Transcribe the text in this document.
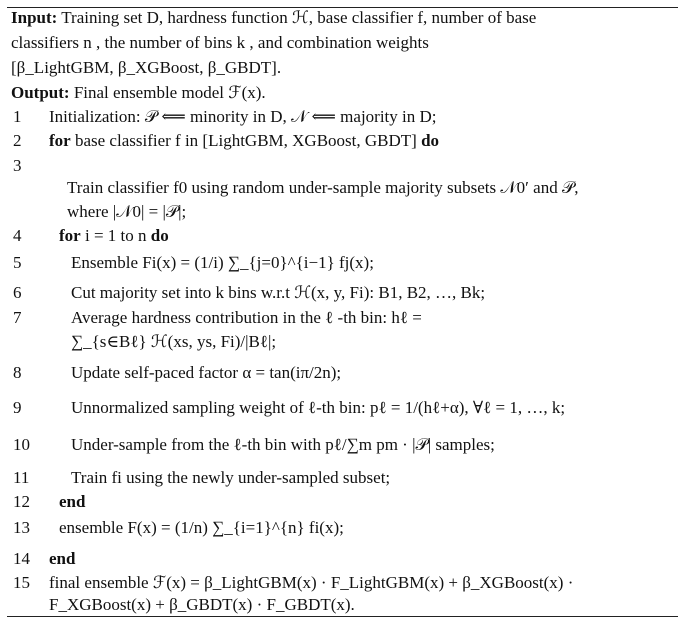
Input: Training set D, hardness function ℋ, base classifier f, number of base
classifiers n , the number of bins k , and combination weights
[β_LightGBM, β_XGBoost, β_GBDT].
Output: Final ensemble model ℱ(x).
1	Initialization: 𝒫 ⟸ minority in D, 𝒩 ⟸ majority in D;
2	for base classifier f in [LightGBM, XGBoost, GBDT] do
3
Train classifier f0 using random under-sample majority subsets 𝒩0′ and 𝒫,
where |𝒩0| = |𝒫|;
4	for i = 1 to n do
5	Ensemble Fi(x) = (1/i) ∑_{j=0}^{i−1} fj(x);
6	Cut majority set into k bins w.r.t ℋ(x, y, Fi): B1, B2, …, Bk;
7	Average hardness contribution in the ℓ -th bin: hℓ =
∑_{s∈Bℓ} ℋ(xs, ys, Fi)/|Bℓ|;
8	Update self-paced factor α = tan(iπ/2n);
9	Unnormalized sampling weight of ℓ-th bin: pℓ = 1/(hℓ+α), ∀ℓ = 1, …, k;
10	Under-sample from the ℓ-th bin with pℓ/∑m pm · |𝒫| samples;
11	Train fi using the newly under-sampled subset;
12	end
13	ensemble F(x) = (1/n) ∑_{i=1}^{n} fi(x);
14	end
15	final ensemble ℱ(x) = β_LightGBM(x) · F_LightGBM(x) + β_XGBoost(x) ·
F_XGBoost(x) + β_GBDT(x) · F_GBDT(x).
